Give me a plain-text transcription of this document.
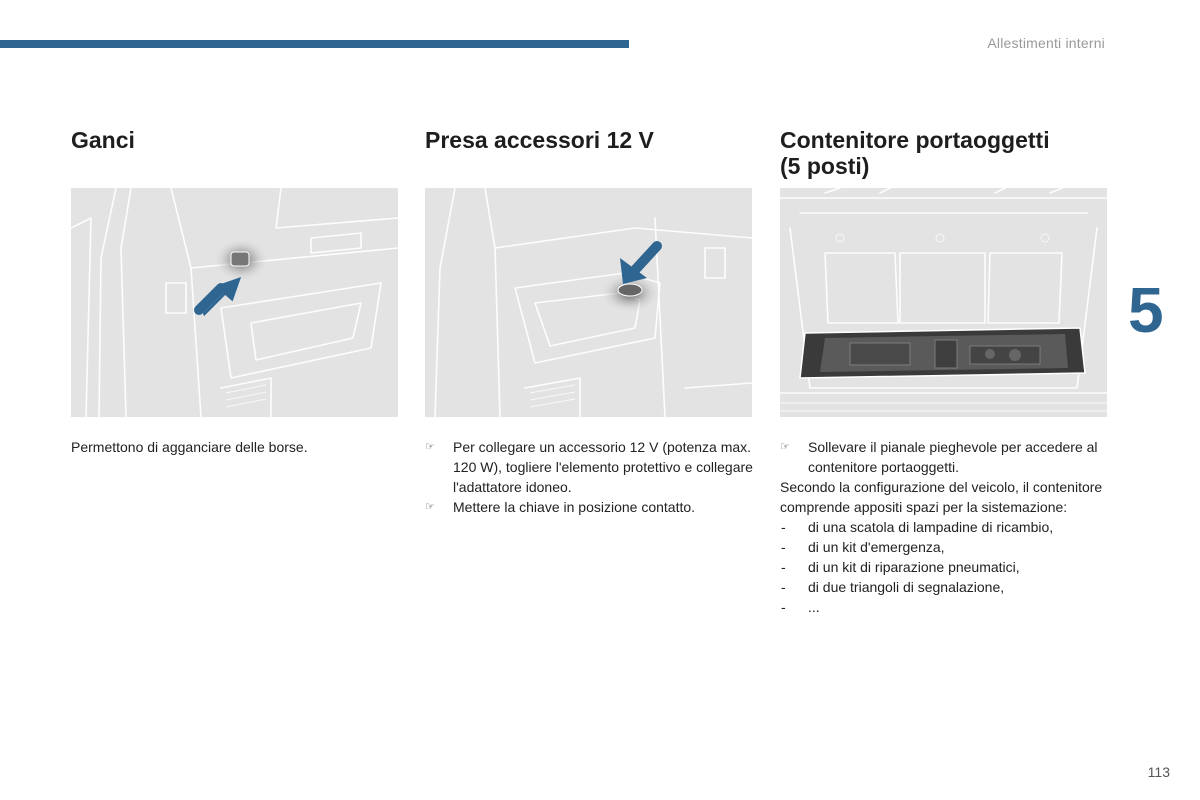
Allestimenti interni
5
113
Ganci

Permettono di agganciare delle borse.

Presa accessori 12 V

☞ Per collegare un accessorio 12 V (potenza max. 120 W), togliere l'elemento protettivo e collegare l'adattatore idoneo.

☞ Mettere la chiave in posizione contatto.

Contenitore portaoggetti
(5 posti)

☞ Sollevare il pianale pieghevole per accedere al contenitore portaoggetti.

Secondo la configurazione del veicolo, il contenitore comprende appositi spazi per la sistemazione:

- di una scatola di lampadine di ricambio,

- di un kit d'emergenza,

- di un kit di riparazione pneumatici,

- di due triangoli di segnalazione,

- ...
